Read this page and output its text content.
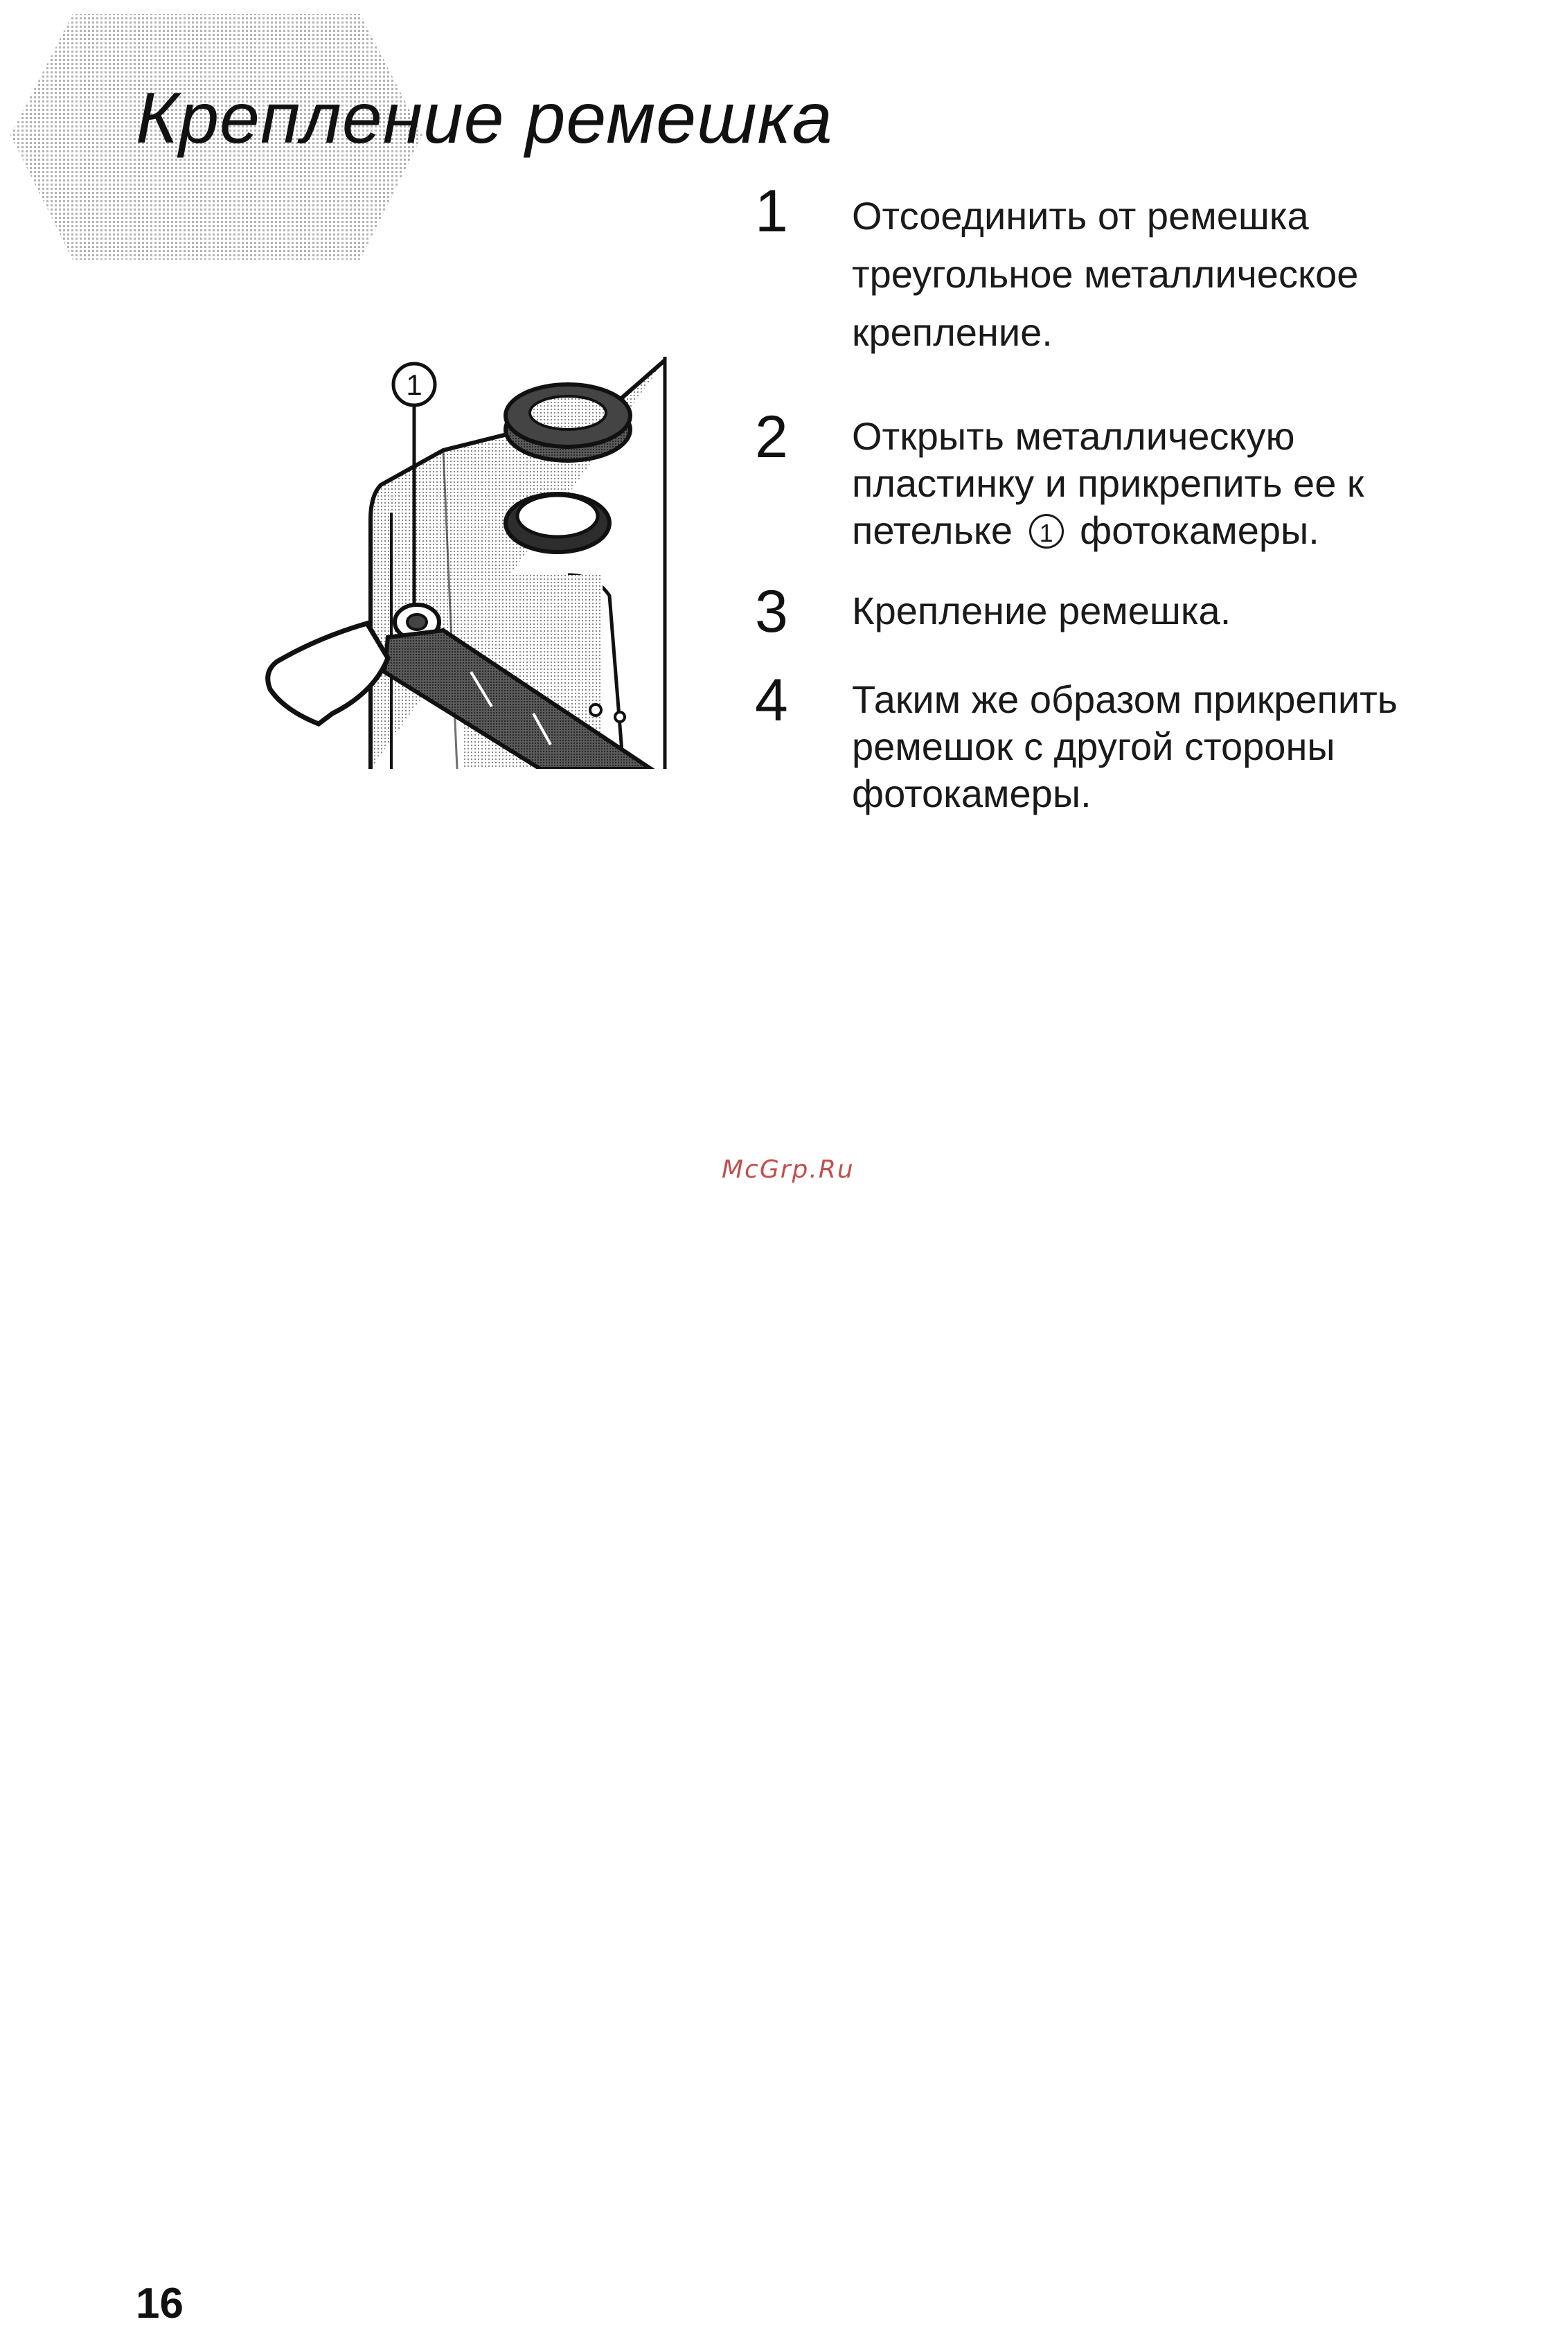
Крепление ремешка
1
1 Отсоединить от ремешка

треугольное металлическое

крепление.

2 Открыть металлическую

пластинку и прикрепить ее к

петельке 1 фотокамеры.

3 Крепление ремешка.

4 Таким же образом прикрепить

ремешок с другой стороны

фотокамеры.

McGrp.Ru
16
